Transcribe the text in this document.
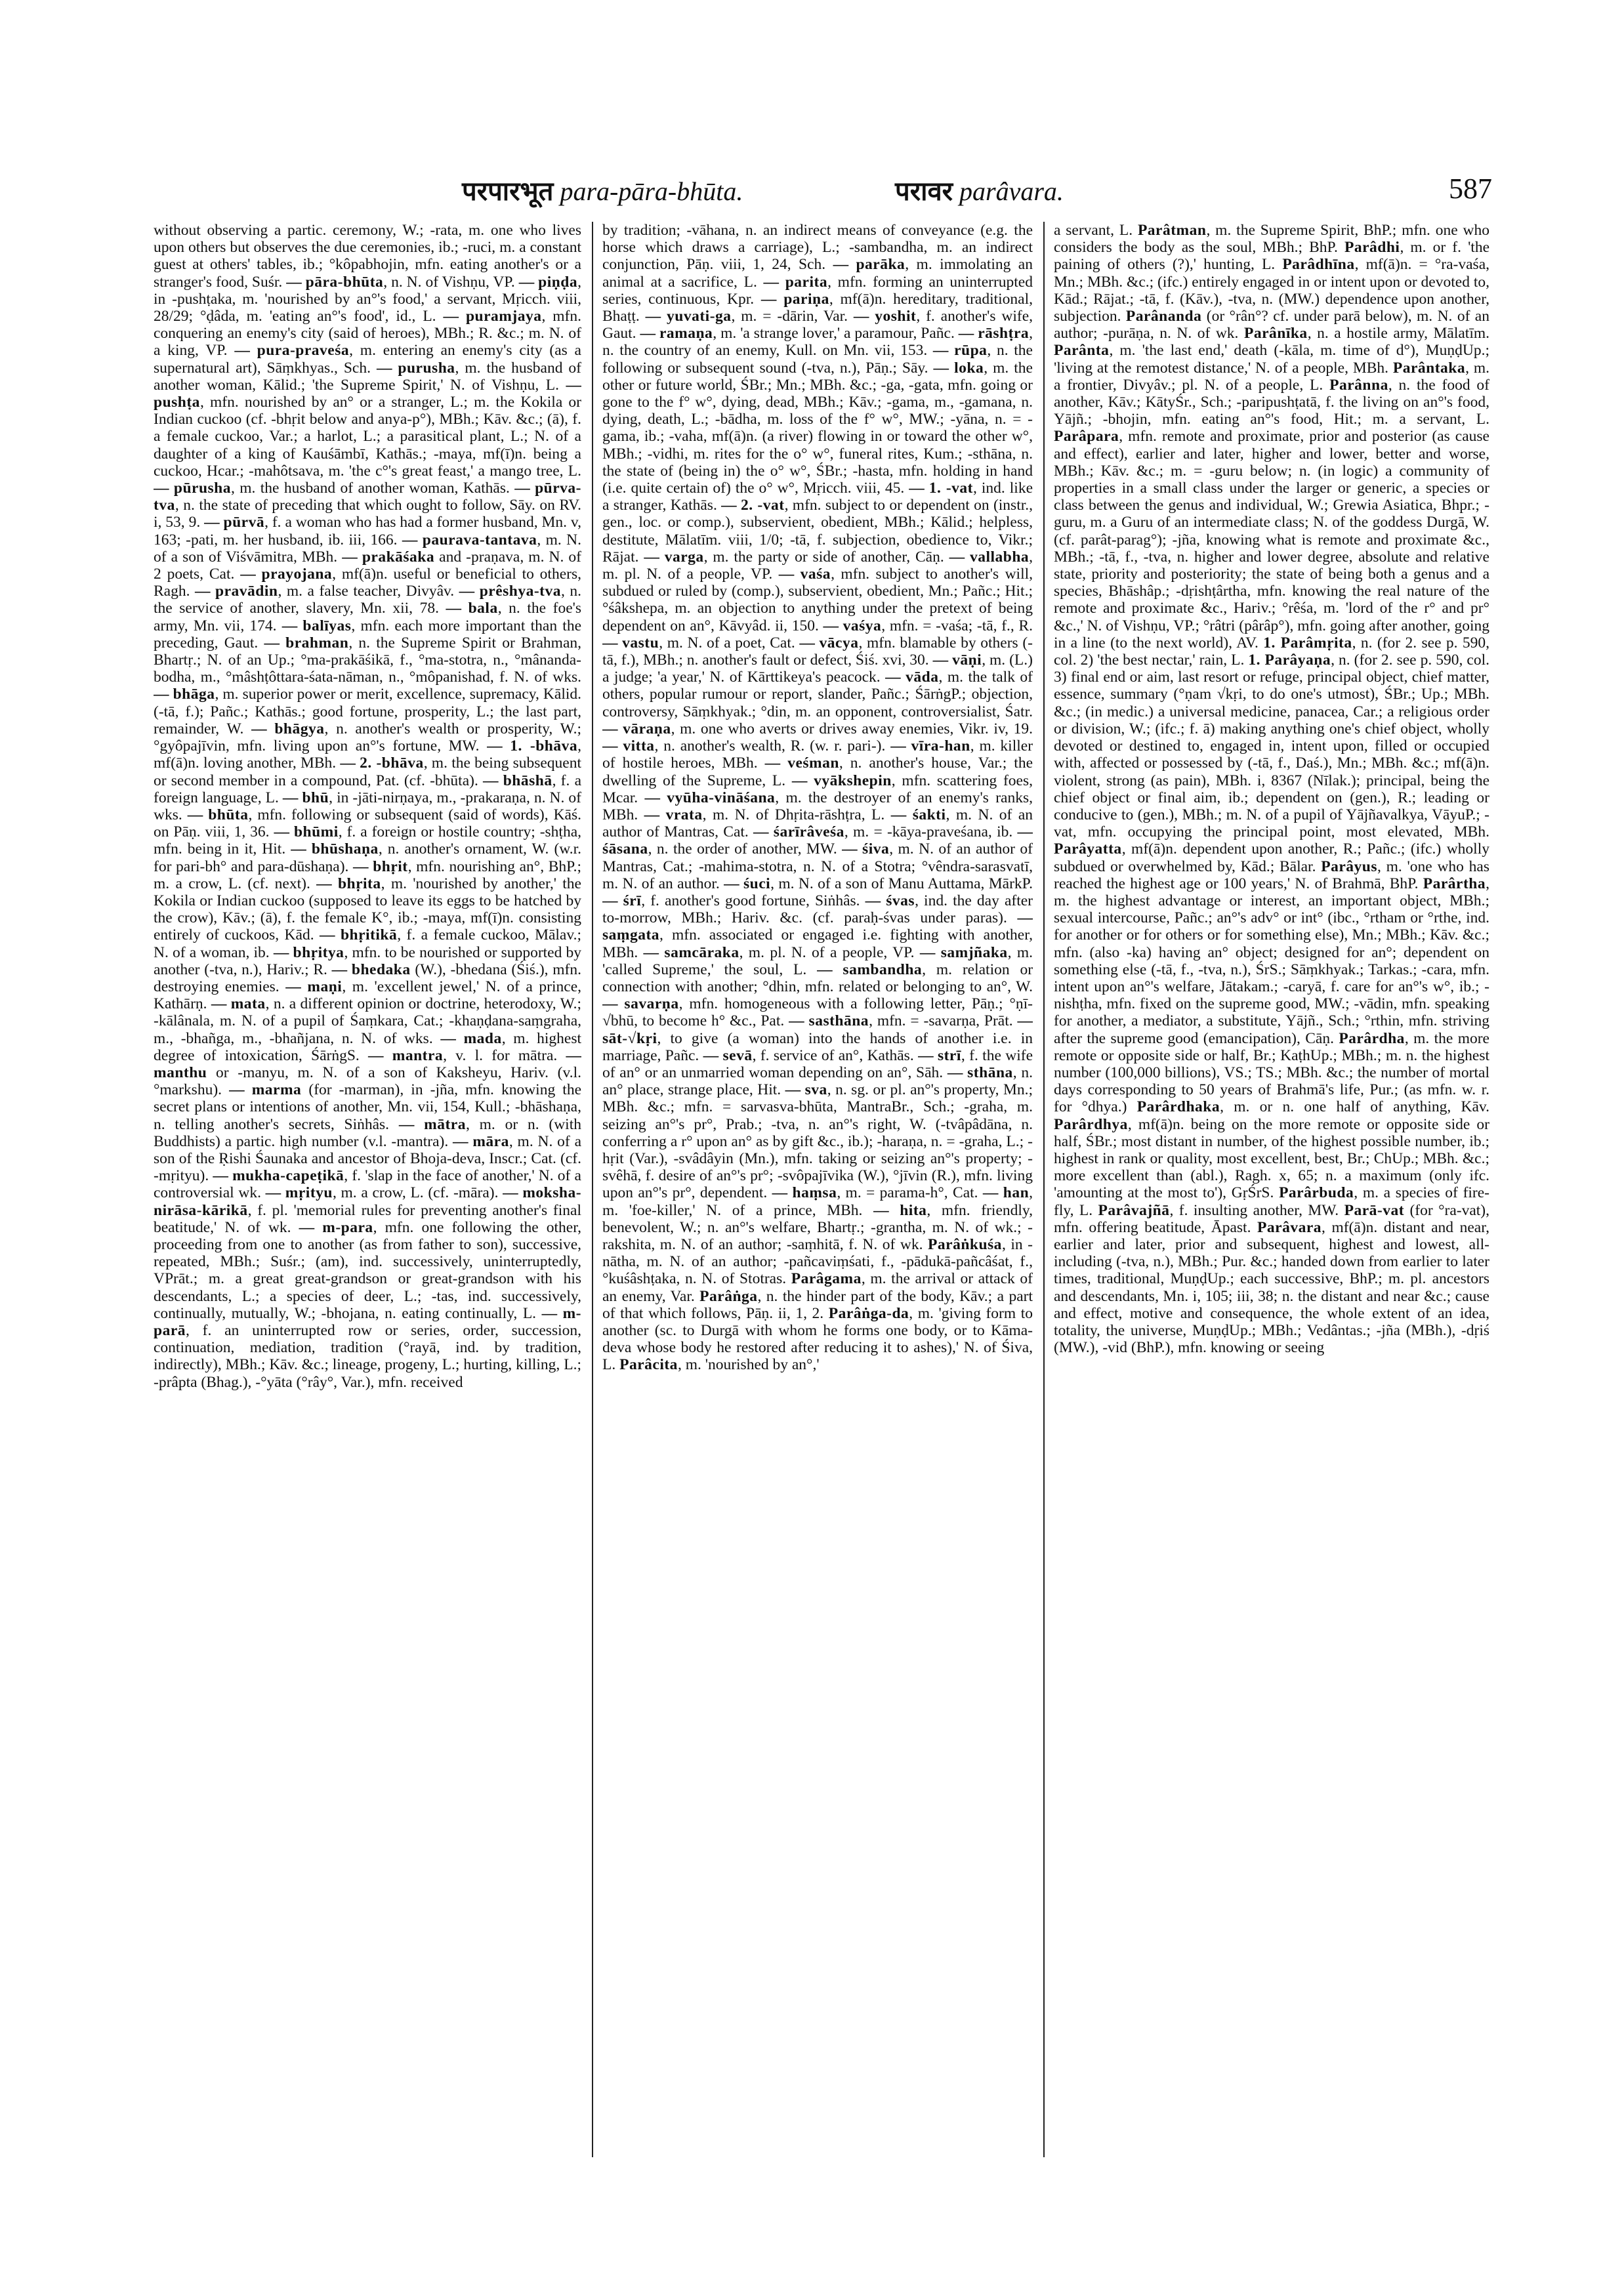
परपारभूत para-pāra-bhūta.	परावर parâvara.	587
without observing a partic. ceremony, W.; -rata, m. one who lives upon others but observes the due ceremonies, ib.; -ruci, m. a constant guest at others' tables, ib.; °kôpabhojin, mfn. eating another's or a stranger's food, Suśr. — pāra-bhūta, n. N. of Vishṇu, VP. — piṇḍa, in -pushṭaka, m. 'nourished by an°'s food,' a servant, Mṛicch. viii, 28/29; °ḍâda, m. 'eating an°'s food', id., L. — puramjaya, mfn. conquering an enemy's city (said of heroes), MBh.; R. &c.; m. N. of a king, VP. — pura-praveśa, m. entering an enemy's city (as a supernatural art), Sāṃkhyas., Sch. — purusha, m. the husband of another woman, Kālid.; 'the Supreme Spirit,' N. of Vishṇu, L. — pushṭa, mfn. nourished by an° or a stranger, L.; m. the Kokila or Indian cuckoo (cf. -bhṛit below and anya-p°), MBh.; Kāv. &c.; (ā), f. a female cuckoo, Var.; a harlot, L.; a parasitical plant, L.; N. of a daughter of a king of Kauśāmbī, Kathās.; -maya, mf(ī)n. being a cuckoo, Hcar.; -mahôtsava, m. 'the c°'s great feast,' a mango tree, L. — pūrusha, m. the husband of another woman, Kathās. — pūrva-tva, n. the state of preceding that which ought to follow, Sāy. on RV. i, 53, 9. — pūrvā, f. a woman who has had a former husband, Mn. v, 163; -pati, m. her husband, ib. iii, 166. — paurava-tantava, m. N. of a son of Viśvāmitra, MBh. — prakāśaka and -praṇava, m. N. of 2 poets, Cat. — prayojana, mf(ā)n. useful or beneficial to others, Ragh. — pravādin, m. a false teacher, Divyâv. — prêshya-tva, n. the service of another, slavery, Mn. xii, 78. — bala, n. the foe's army, Mn. vii, 174. — balīyas, mfn. each more important than the preceding, Gaut. — brahman, n. the Supreme Spirit or Brahman, Bhartṛ.; N. of an Up.; °ma-prakāśikā, f., °ma-stotra, n., °mânanda-bodha, m., °mâshṭôttara-śata-nāman, n., °môpanishad, f. N. of wks. — bhāga, m. superior power or merit, excellence, supremacy, Kālid. (-tā, f.); Pañc.; Kathās.; good fortune, prosperity, L.; the last part, remainder, W. — bhāgya, n. another's wealth or prosperity, W.; °gyôpajīvin, mfn. living upon an°'s fortune, MW. — 1. -bhāva, mf(ā)n. loving another, MBh. — 2. -bhāva, m. the being subsequent or second member in a compound, Pat. (cf. -bhūta). — bhāshā, f. a foreign language, L. — bhū, in -jāti-nirṇaya, m., -prakaraṇa, n. N. of wks. — bhūta, mfn. following or subsequent (said of words), Kāś. on Pāṇ. viii, 1, 36. — bhūmi, f. a foreign or hostile country; -shṭha, mfn. being in it, Hit. — bhūshaṇa, n. another's ornament, W. (w.r. for pari-bh° and para-dūshaṇa). — bhṛit, mfn. nourishing an°, BhP.; m. a crow, L. (cf. next). — bhṛita, m. 'nourished by another,' the Kokila or Indian cuckoo (supposed to leave its eggs to be hatched by the crow), Kāv.; (ā), f. the female K°, ib.; -maya, mf(ī)n. consisting entirely of cuckoos, Kād. — bhṛitikā, f. a female cuckoo, Mālav.; N. of a woman, ib. — bhṛitya, mfn. to be nourished or supported by another (-tva, n.), Hariv.; R. — bhedaka (W.), -bhedana (Śiś.), mfn. destroying enemies. — maṇi, m. 'excellent jewel,' N. of a prince, Kathārṇ. — mata, n. a different opinion or doctrine, heterodoxy, W.; -kālânala, m. N. of a pupil of Śaṃkara, Cat.; -khaṇḍana-saṃgraha, m., -bhañga, m., -bhañjana, n. N. of wks. — mada, m. highest degree of intoxication, ŚārṅgS. — mantra, v. l. for mātra. — manthu or -manyu, m. N. of a son of Kaksheyu, Hariv. (v.l. °markshu). — marma (for -marman), in -jña, mfn. knowing the secret plans or intentions of another, Mn. vii, 154, Kull.; -bhāshaṇa, n. telling another's secrets, Siṅhâs. — mātra, m. or n. (with Buddhists) a partic. high number (v.l. -mantra). — māra, m. N. of a son of the Ṛishi Śaunaka and ancestor of Bhoja-deva, Inscr.; Cat. (cf. -mṛityu). — mukha-capeṭikā, f. 'slap in the face of another,' N. of a controversial wk. — mṛityu, m. a crow, L. (cf. -māra). — moksha-nirāsa-kārikā, f. pl. 'memorial rules for preventing another's final beatitude,' N. of wk. — m-para, mfn. one following the other, proceeding from one to another (as from father to son), successive, repeated, MBh.; Suśr.; (am), ind. successively, uninterruptedly, VPrāt.; m. a great great-grandson or great-grandson with his descendants, L.; a species of deer, L.; -tas, ind. successively, continually, mutually, W.; -bhojana, n. eating continually, L. — m-parā, f. an uninterrupted row or series, order, succession, continuation, mediation, tradition (°rayā, ind. by tradition, indirectly), MBh.; Kāv. &c.; lineage, progeny, L.; hurting, killing, L.; -prâpta (Bhag.), -°yāta (°rây°, Var.), mfn. received
by tradition; -vāhana, n. an indirect means of conveyance (e.g. the horse which draws a carriage), L.; -sambandha, m. an indirect conjunction, Pāṇ. viii, 1, 24, Sch. — parāka, m. immolating an animal at a sacrifice, L. — parita, mfn. forming an uninterrupted series, continuous, Kpr. — pariṇa, mf(ā)n. hereditary, traditional, Bhaṭṭ. — yuvati-ga, m. = -dārin, Var. — yoshit, f. another's wife, Gaut. — ramaṇa, m. 'a strange lover,' a paramour, Pañc. — rāshṭra, n. the country of an enemy, Kull. on Mn. vii, 153. — rūpa, n. the following or subsequent sound (-tva, n.), Pāṇ.; Sāy. — loka, m. the other or future world, ŚBr.; Mn.; MBh. &c.; -ga, -gata, mfn. going or gone to the f° w°, dying, dead, MBh.; Kāv.; -gama, m., -gamana, n. dying, death, L.; -bādha, m. loss of the f° w°, MW.; -yāna, n. = -gama, ib.; -vaha, mf(ā)n. (a river) flowing in or toward the other w°, MBh.; -vidhi, m. rites for the o° w°, funeral rites, Kum.; -sthāna, n. the state of (being in) the o° w°, ŚBr.; -hasta, mfn. holding in hand (i.e. quite certain of) the o° w°, Mṛicch. viii, 45. — 1. -vat, ind. like a stranger, Kathās. — 2. -vat, mfn. subject to or dependent on (instr., gen., loc. or comp.), subservient, obedient, MBh.; Kālid.; helpless, destitute, Mālatīm. viii, 1/0; -tā, f. subjection, obedience to, Vikr.; Rājat. — varga, m. the party or side of another, Cāṇ. — vallabha, m. pl. N. of a people, VP. — vaśa, mfn. subject to another's will, subdued or ruled by (comp.), subservient, obedient, Mn.; Pañc.; Hit.; °śâkshepa, m. an objection to anything under the pretext of being dependent on an°, Kāvyâd. ii, 150. — vaśya, mfn. = -vaśa; -tā, f., R. — vastu, m. N. of a poet, Cat. — vācya, mfn. blamable by others (-tā, f.), MBh.; n. another's fault or defect, Śiś. xvi, 30. — vāṇi, m. (L.) a judge; 'a year,' N. of Kārttikeya's peacock. — vāda, m. the talk of others, popular rumour or report, slander, Pañc.; ŚārṅgP.; objection, controversy, Sāṃkhyak.; °din, m. an opponent, controversialist, Śatr. — vāraṇa, m. one who averts or drives away enemies, Vikr. iv, 19. — vitta, n. another's wealth, R. (w. r. pari-). — vīra-han, m. killer of hostile heroes, MBh. — veśman, n. another's house, Var.; the dwelling of the Supreme, L. — vyākshepin, mfn. scattering foes, Mcar. — vyūha-vināśana, m. the destroyer of an enemy's ranks, MBh. — vrata, m. N. of Dhṛita-rāshṭra, L. — śakti, m. N. of an author of Mantras, Cat. — śarīrâveśa, m. = -kāya-praveśana, ib. — śāsana, n. the order of another, MW. — śiva, m. N. of an author of Mantras, Cat.; -mahima-stotra, n. N. of a Stotra; °vêndra-sarasvatī, m. N. of an author. — śuci, m. N. of a son of Manu Auttama, MārkP. — śrī, f. another's good fortune, Siṅhâs. — śvas, ind. the day after to-morrow, MBh.; Hariv. &c. (cf. paraḥ-śvas under paras). — saṃgata, mfn. associated or engaged i.e. fighting with another, MBh. — samcāraka, m. pl. N. of a people, VP. — samjñaka, m. 'called Supreme,' the soul, L. — sambandha, m. relation or connection with another; °dhin, mfn. related or belonging to an°, W. — savarṇa, mfn. homogeneous with a following letter, Pāṇ.; °ṇī-√bhū, to become h° &c., Pat. — sasthāna, mfn. = -savarṇa, Prāt. — sāt-√kṛi, to give (a woman) into the hands of another i.e. in marriage, Pañc. — sevā, f. service of an°, Kathās. — strī, f. the wife of an° or an unmarried woman depending on an°, Sāh. — sthāna, n. an° place, strange place, Hit. — sva, n. sg. or pl. an°'s property, Mn.; MBh. &c.; mfn. = sarvasva-bhūta, MantraBr., Sch.; -graha, m. seizing an°'s pr°, Prab.; -tva, n. an°'s right, W. (-tvâpâdāna, n. conferring a r° upon an° as by gift &c., ib.); -haraṇa, n. = -graha, L.; -hṛit (Var.), -svâdâyin (Mn.), mfn. taking or seizing an°'s property; -svêhā, f. desire of an°'s pr°; -svôpajīvika (W.), °jīvin (R.), mfn. living upon an°'s pr°, dependent. — haṃsa, m. = parama-h°, Cat. — han, m. 'foe-killer,' N. of a prince, MBh. — hita, mfn. friendly, benevolent, W.; n. an°'s welfare, Bhartṛ.; -grantha, m. N. of wk.; -rakshita, m. N. of an author; -saṃhitā, f. N. of wk. Parâṅkuśa, in -nātha, m. N. of an author; -pañcaviṃśati, f., -pādukā-pañcâśat, f., °kuśâshṭaka, n. N. of Stotras. Parâgama, m. the arrival or attack of an enemy, Var. Parâṅga, n. the hinder part of the body, Kāv.; a part of that which follows, Pāṇ. ii, 1, 2. Parâṅga-da, m. 'giving form to another (sc. to Durgā with whom he forms one body, or to Kāma-deva whose body he restored after reducing it to ashes),' N. of Śiva, L. Parâcita, m. 'nourished by an°,'
a servant, L. Parâtman, m. the Supreme Spirit, BhP.; mfn. one who considers the body as the soul, MBh.; BhP. Parâdhi, m. or f. 'the paining of others (?),' hunting, L. Parâdhīna, mf(ā)n. = °ra-vaśa, Mn.; MBh. &c.; (ifc.) entirely engaged in or intent upon or devoted to, Kād.; Rājat.; -tā, f. (Kāv.), -tva, n. (MW.) dependence upon another, subjection. Parânanda (or °rân°? cf. under parā below), m. N. of an author; -purāṇa, n. N. of wk. Parânīka, n. a hostile army, Mālatīm. Parânta, m. 'the last end,' death (-kāla, m. time of d°), MuṇḍUp.; 'living at the remotest distance,' N. of a people, MBh. Parântaka, m. a frontier, Divyâv.; pl. N. of a people, L. Parânna, n. the food of another, Kāv.; KātyŚr., Sch.; -paripushṭatā, f. the living on an°'s food, Yājñ.; -bhojin, mfn. eating an°'s food, Hit.; m. a servant, L. Parâpara, mfn. remote and proximate, prior and posterior (as cause and effect), earlier and later, higher and lower, better and worse, MBh.; Kāv. &c.; m. = -guru below; n. (in logic) a community of properties in a small class under the larger or generic, a species or class between the genus and individual, W.; Grewia Asiatica, Bhpr.; -guru, m. a Guru of an intermediate class; N. of the goddess Durgā, W. (cf. parât-parag°); -jña, knowing what is remote and proximate &c., MBh.; -tā, f., -tva, n. higher and lower degree, absolute and relative state, priority and posteriority; the state of being both a genus and a species, Bhāshâp.; -dṛishṭârtha, mfn. knowing the real nature of the remote and proximate &c., Hariv.; °rêśa, m. 'lord of the r° and pr° &c.,' N. of Vishṇu, VP.; °râtri (pârâp°), mfn. going after another, going in a line (to the next world), AV. 1. Parâmṛita, n. (for 2. see p. 590, col. 2) 'the best nectar,' rain, L. 1. Parâyaṇa, n. (for 2. see p. 590, col. 3) final end or aim, last resort or refuge, principal object, chief matter, essence, summary (°ṇam √kṛi, to do one's utmost), ŚBr.; Up.; MBh. &c.; (in medic.) a universal medicine, panacea, Car.; a religious order or division, W.; (ifc.; f. ā) making anything one's chief object, wholly devoted or destined to, engaged in, intent upon, filled or occupied with, affected or possessed by (-tā, f., Daś.), Mn.; MBh. &c.; mf(ā)n. violent, strong (as pain), MBh. i, 8367 (Nīlak.); principal, being the chief object or final aim, ib.; dependent on (gen.), R.; leading or conducive to (gen.), MBh.; m. N. of a pupil of Yājñavalkya, VāyuP.; -vat, mfn. occupying the principal point, most elevated, MBh. Parâyatta, mf(ā)n. dependent upon another, R.; Pañc.; (ifc.) wholly subdued or overwhelmed by, Kād.; Bālar. Parâyus, m. 'one who has reached the highest age or 100 years,' N. of Brahmā, BhP. Parârtha, m. the highest advantage or interest, an important object, MBh.; sexual intercourse, Pañc.; an°'s adv° or int° (ibc., °rtham or °rthe, ind. for another or for others or for something else), Mn.; MBh.; Kāv. &c.; mfn. (also -ka) having an° object; designed for an°; dependent on something else (-tā, f., -tva, n.), ŚrS.; Sāṃkhyak.; Tarkas.; -cara, mfn. intent upon an°'s welfare, Jātakam.; -caryā, f. care for an°'s w°, ib.; -nishṭha, mfn. fixed on the supreme good, MW.; -vādin, mfn. speaking for another, a mediator, a substitute, Yājñ., Sch.; °rthin, mfn. striving after the supreme good (emancipation), Cāṇ. Parârdha, m. the more remote or opposite side or half, Br.; KaṭhUp.; MBh.; m. n. the highest number (100,000 billions), VS.; TS.; MBh. &c.; the number of mortal days corresponding to 50 years of Brahmā's life, Pur.; (as mfn. w. r. for °dhya.) Parârdhaka, m. or n. one half of anything, Kāv. Parârdhya, mf(ā)n. being on the more remote or opposite side or half, ŚBr.; most distant in number, of the highest possible number, ib.; highest in rank or quality, most excellent, best, Br.; ChUp.; MBh. &c.; more excellent than (abl.), Ragh. x, 65; n. a maximum (only ifc. 'amounting at the most to'), GṛŚrS. Parârbuda, m. a species of fire-fly, L. Parâvajñā, f. insulting another, MW. Parā-vat (for °ra-vat), mfn. offering beatitude, Āpast. Parâvara, mf(ā)n. distant and near, earlier and later, prior and subsequent, highest and lowest, all-including (-tva, n.), MBh.; Pur. &c.; handed down from earlier to later times, traditional, MuṇḍUp.; each successive, BhP.; m. pl. ancestors and descendants, Mn. i, 105; iii, 38; n. the distant and near &c.; cause and effect, motive and consequence, the whole extent of an idea, totality, the universe, MuṇḍUp.; MBh.; Vedântas.; -jña (MBh.), -dṛiś (MW.), -vid (BhP.), mfn. knowing or seeing
